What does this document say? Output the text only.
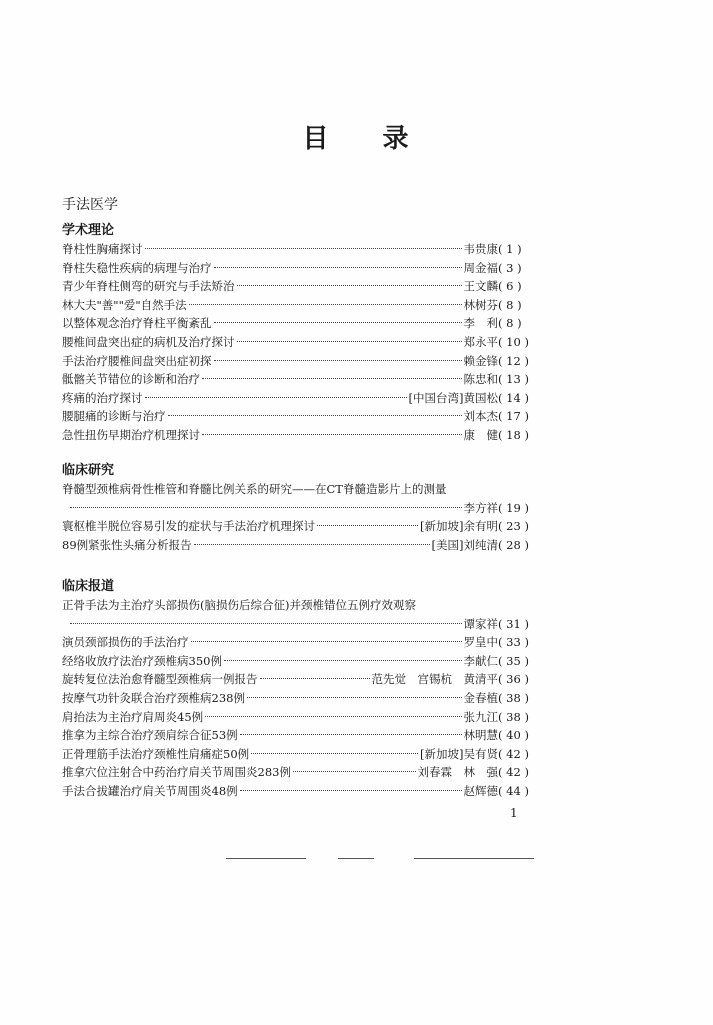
目 录
手法医学
学术理论
脊柱性胸痛探讨	韦贵康 ( 1 )
脊柱失稳性疾病的病理与治疗	周金福 ( 3 )
青少年脊柱侧弯的研究与手法矫治	王文麟 ( 6 )
林大夫"善""爱"自然手法	林树芬 ( 8 )
以整体观念治疗脊柱平衡紊乱	李　利 ( 8 )
腰椎间盘突出症的病机及治疗探讨	郑永平 ( 10 )
手法治疗腰椎间盘突出症初探	赖金锋 ( 12 )
骶髂关节错位的诊断和治疗	陈忠和 ( 13 )
疼痛的治疗探讨	[中国台湾]黄国松 ( 14 )
腰腿痛的诊断与治疗	刘本杰 ( 17 )
急性扭伤早期治疗机理探讨	康　健 ( 18 )
临床研究
脊髓型颈椎病骨性椎管和脊髓比例关系的研究——在CT脊髓造影片上的测量
李方祥 ( 19 )
寰枢椎半脱位容易引发的症状与手法治疗机理探讨	[新加坡]余有明 ( 23 )
89例紧张性头痛分析报告	[美国]刘纯清 ( 28 )
临床报道
正骨手法为主治疗头部损伤(脑损伤后综合征)并颈椎错位五例疗效观察
谭家祥 ( 31 )
演员颈部损伤的手法治疗	罗皇中 ( 33 )
经络收放疗法治疗颈椎病350例	李献仁 ( 35 )
旋转复位法治愈脊髓型颈椎病一例报告	范先觉　宫锡杭　黄清平 ( 36 )
按摩气功针灸联合治疗颈椎病238例	金春植 ( 38 )
肩抬法为主治疗肩周炎45例	张九江 ( 38 )
推拿为主综合治疗颈肩综合征53例	林明慧 ( 40 )
正骨理筋手法治疗颈椎性肩痛症50例	[新加坡]吴有贤 ( 42 )
推拿穴位注射合中药治疗肩关节周围炎283例	刘春霖　林　强 ( 42 )
手法合拔罐治疗肩关节周围炎48例	赵辉德 ( 44 )
1
